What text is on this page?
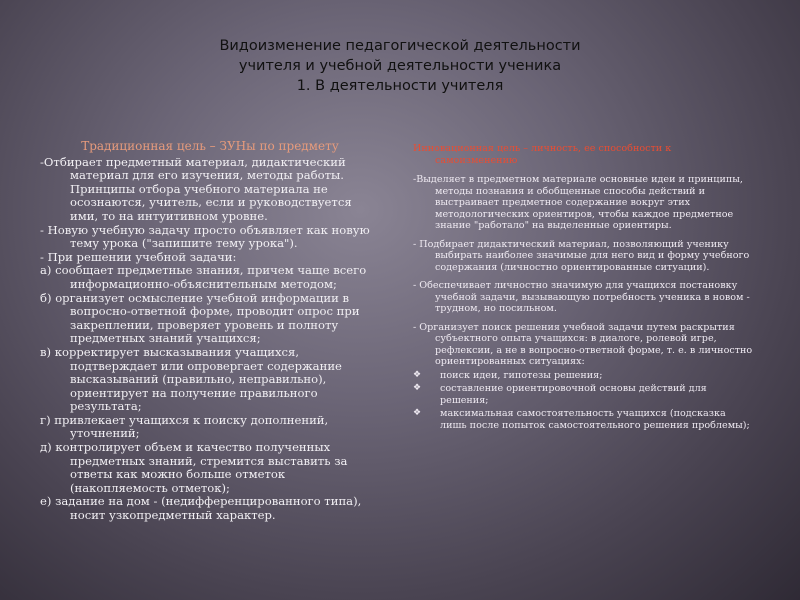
Видоизменение педагогической деятельности
учителя и учебной деятельности ученика
1. В деятельности учителя
Традиционная цель – ЗУНы по предмету
-Отбирает предметный материал, дидактический материал для его изучения, методы работы. Принципы отбора учебного материала не осознаются, учитель, если и руководствуется ими, то на интуитивном уровне.
- Новую учебную задачу просто объявляет как новую тему урока ("запишите тему урока").
- При решении учебной задачи:
а) сообщает предметные знания, причем чаще всего информационно-объяснительным методом;
б) организует осмысление учебной информации в вопросно-ответной форме, проводит опрос при закреплении, проверяет уровень и полноту предметных знаний учащихся;
в) корректирует высказывания учащихся, подтверждает или опровергает содержание высказываний (правильно, неправильно), ориентирует на получение правильного результата;
г) привлекает учащихся к поиску дополнений, уточнений;
д) контролирует объем и качество полученных предметных знаний, стремится выставить за ответы как можно больше отметок (накопляемость отметок);
е) задание на дом - (недифференцированного типа), носит узкопредметный характер.
Инновационная цель – личность, ее способности к самоизменению
-Выделяет в предметном материале основные идеи и принципы, методы познания и обобщенные способы действий и выстраивает предметное содержание вокруг этих методологических ориентиров, чтобы каждое предметное знание "работало" на выделенные ориентиры.
- Подбирает дидактический материал, позволяющий ученику выбирать наиболее значимые для него вид и форму учебного содержания (личностно ориентированные ситуации).
- Обеспечивает личностно значимую для учащихся постановку учебной задачи, вызывающую потребность ученика в новом - трудном, но посильном.
- Организует поиск решения учебной задачи путем раскрытия субъектного опыта учащихся: в диалоге, ролевой игре, рефлексии, а не в вопросно-ответной форме, т. е. в личностно ориентированных ситуациях:
❖ поиск идеи, гипотезы решения;
❖ составление ориентировочной основы действий для решения;
❖ максимальная самостоятельность учащихся (подсказка лишь после попыток самостоятельного решения проблемы);
